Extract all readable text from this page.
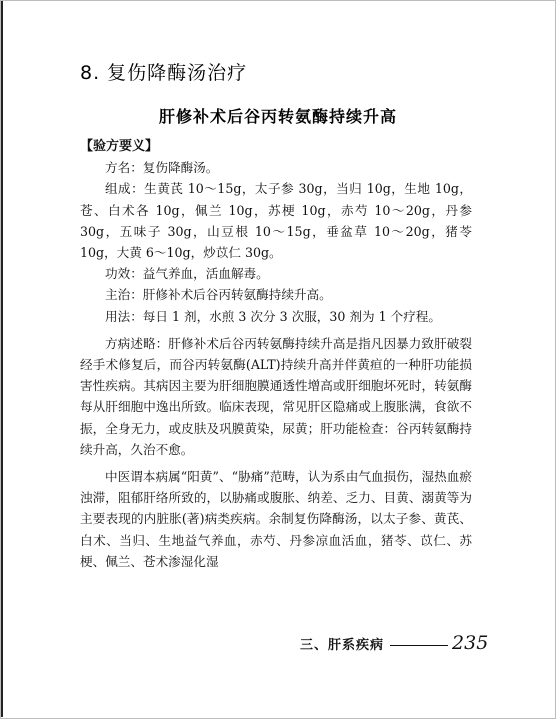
8. 复伤降酶汤治疗
肝修补术后谷丙转氨酶持续升高

【验方要义】

方名：复伤降酶汤。

组成：生黄芪 10～15g，太子参 30g，当归 10g，生地 10g，苍、白术各 10g，佩兰 10g，苏梗 10g，赤芍 10～20g，丹参 30g，五味子 30g，山豆根 10～15g，垂盆草 10～20g，猪苓 10g，大黄 6～10g，炒苡仁 30g。

功效：益气养血，活血解毒。

主治：肝修补术后谷丙转氨酶持续升高。

用法：每日 1 剂，水煎 3 次分 3 次服，30 剂为 1 个疗程。

方病述略：肝修补术后谷丙转氨酶持续升高是指凡因暴力致肝破裂经手术修复后，而谷丙转氨酶(ALT)持续升高并伴黄疸的一种肝功能损害性疾病。其病因主要为肝细胞膜通透性增高或肝细胞坏死时，转氨酶每从肝细胞中逸出所致。临床表现，常见肝区隐痛或上腹胀满，食欲不振，全身无力，或皮肤及巩膜黄染，尿黄；肝功能检查：谷丙转氨酶持续升高，久治不愈。

中医谓本病属“阳黄”、“胁痛”范畴，认为系由气血损伤，湿热血瘀浊滞，阻郁肝络所致的，以胁痛或腹胀、纳差、乏力、目黄、溺黄等为主要表现的内脏胀(著)病类疾病。余制复伤降酶汤，以太子参、黄芪、白术、当归、生地益气养血，赤芍、丹参凉血活血，猪苓、苡仁、苏梗、佩兰、苍术渗湿化湿

三、肝系疾病	235
